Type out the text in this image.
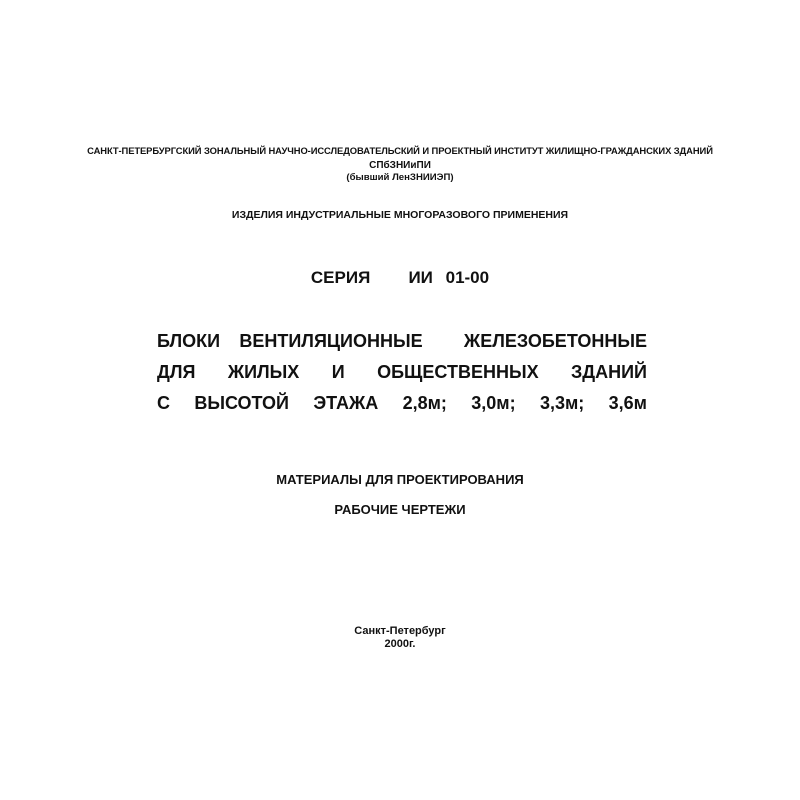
САНКТ-ПЕТЕРБУРГСКИЙ ЗОНАЛЬНЫЙ НАУЧНО-ИССЛЕДОВАТЕЛЬСКИЙ И ПРОЕКТНЫЙ ИНСТИТУТ ЖИЛИЩНО-ГРАЖДАНСКИХ ЗДАНИЙ
СПбЗНИиПИ
(бывший ЛенЗНИИЭП)
ИЗДЕЛИЯ ИНДУСТРИАЛЬНЫЕ МНОГОРАЗОВОГО ПРИМЕНЕНИЯ
СЕРИЯ   ИИ 01-00
БЛОКИ ВЕНТИЛЯЦИОННЫЕ ЖЕЛЕЗОБЕТОННЫЕ
ДЛЯ ЖИЛЫХ И ОБЩЕСТВЕННЫХ ЗДАНИЙ
С ВЫСОТОЙ ЭТАЖА 2,8м; 3,0м; 3,3м; 3,6м
МАТЕРИАЛЫ ДЛЯ ПРОЕКТИРОВАНИЯ
РАБОЧИЕ ЧЕРТЕЖИ
Санкт-Петербург
2000г.
